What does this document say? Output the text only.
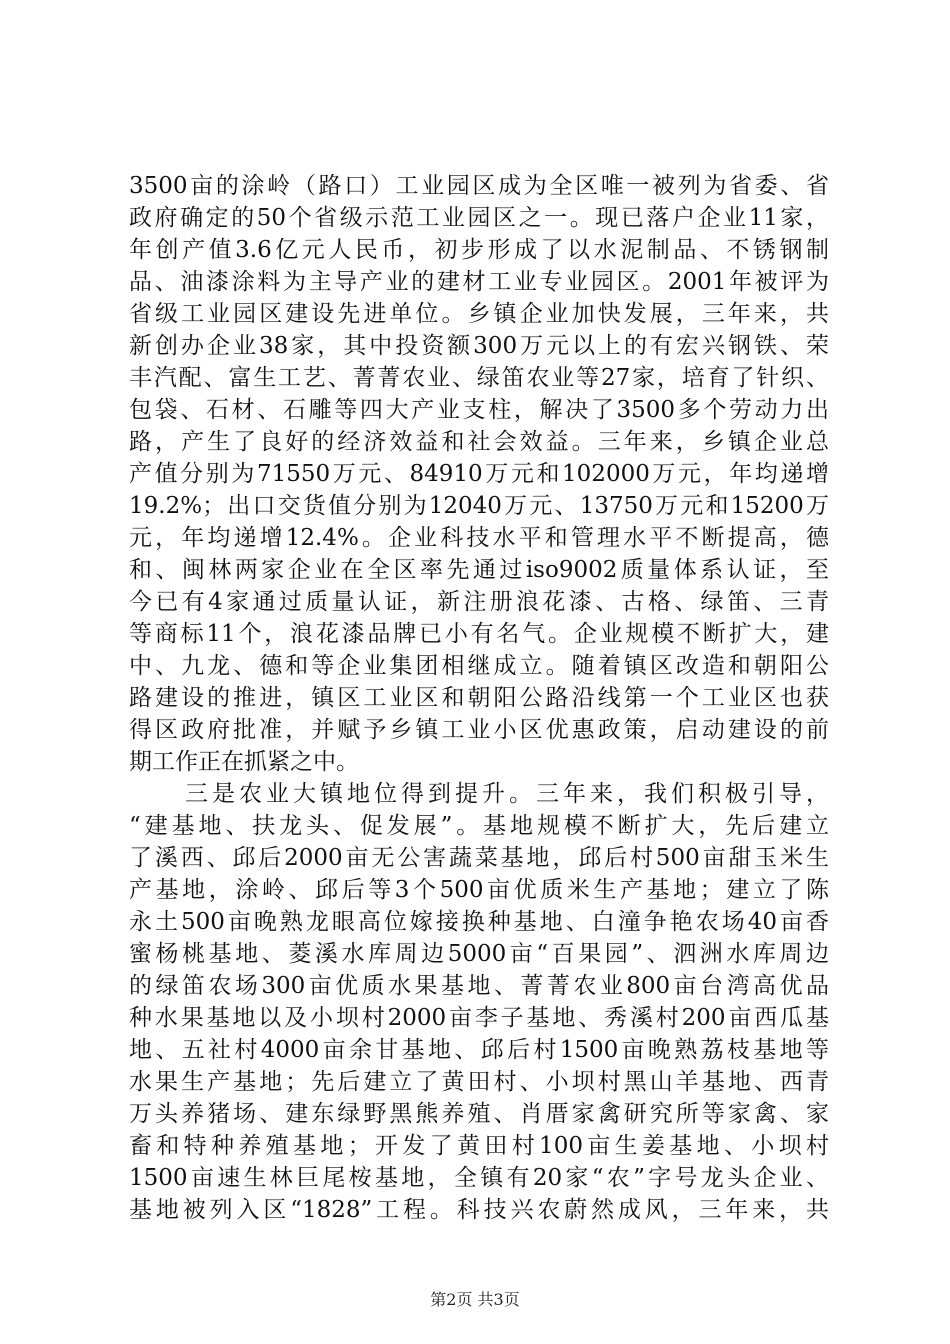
3500亩的涂岭（路口）工业园区成为全区唯一被列为省委、省
政府确定的50个省级示范工业园区之一。现已落户企业11家，
年创产值3.6亿元人民币，初步形成了以水泥制品、不锈钢制
品、油漆涂料为主导产业的建材工业专业园区。2001年被评为
省级工业园区建设先进单位。乡镇企业加快发展，三年来，共
新创办企业38家，其中投资额300万元以上的有宏兴钢铁、荣
丰汽配、富生工艺、菁菁农业、绿笛农业等27家，培育了针织、
包袋、石材、石雕等四大产业支柱，解决了3500多个劳动力出
路，产生了良好的经济效益和社会效益。三年来，乡镇企业总
产值分别为71550万元、84910万元和102000万元，年均递增
19.2%；出口交货值分别为12040万元、13750万元和15200万
元，年均递增12.4%。企业科技水平和管理水平不断提高，德
和、闽林两家企业在全区率先通过iso9002质量体系认证，至
今已有4家通过质量认证，新注册浪花漆、古格、绿笛、三青
等商标11个，浪花漆品牌已小有名气。企业规模不断扩大，建
中、九龙、德和等企业集团相继成立。随着镇区改造和朝阳公
路建设的推进，镇区工业区和朝阳公路沿线第一个工业区也获
得区政府批准，并赋予乡镇工业小区优惠政策，启动建设的前
期工作正在抓紧之中。
三是农业大镇地位得到提升。三年来，我们积极引导，
“建基地、扶龙头、促发展”。基地规模不断扩大，先后建立
了溪西、邱后2000亩无公害蔬菜基地，邱后村500亩甜玉米生
产基地，涂岭、邱后等3个500亩优质米生产基地；建立了陈
永土500亩晚熟龙眼高位嫁接换种基地、白潼争艳农场40亩香
蜜杨桃基地、菱溪水库周边5000亩“百果园”、泗洲水库周边
的绿笛农场300亩优质水果基地、菁菁农业800亩台湾高优品
种水果基地以及小坝村2000亩李子基地、秀溪村200亩西瓜基
地、五社村4000亩余甘基地、邱后村1500亩晚熟荔枝基地等
水果生产基地；先后建立了黄田村、小坝村黑山羊基地、西青
万头养猪场、建东绿野黑熊养殖、肖厝家禽研究所等家禽、家
畜和特种养殖基地；开发了黄田村100亩生姜基地、小坝村
1500亩速生林巨尾桉基地，全镇有20家“农”字号龙头企业、
基地被列入区“1828”工程。科技兴农蔚然成风，三年来，共
第2页 共3页
